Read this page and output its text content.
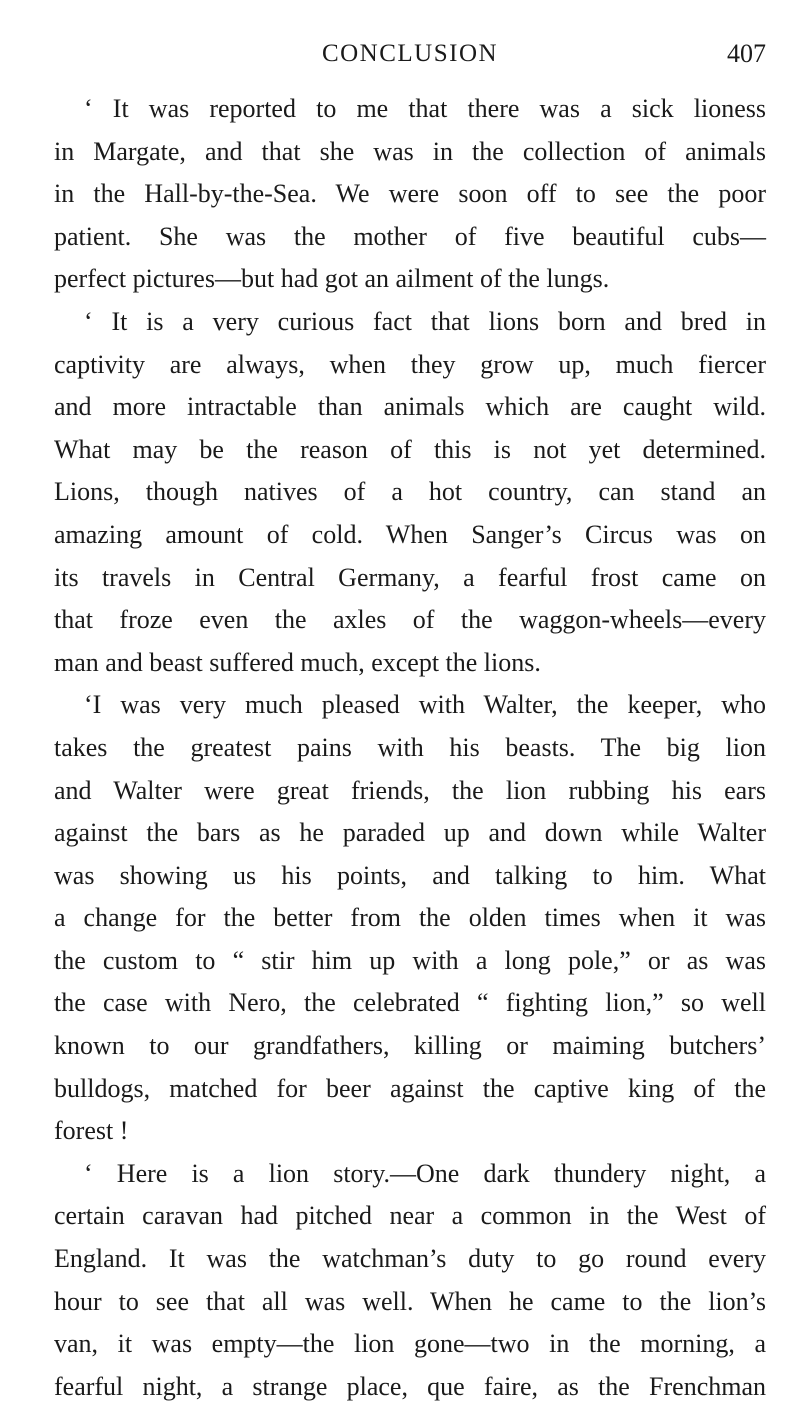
CONCLUSION	407
‘ It was reported to me that there was a sick lioness
in Margate, and that she was in the collection of animals
in the Hall-by-the-Sea. We were soon off to see the poor
patient. She was the mother of five beautiful cubs—
perfect pictures—but had got an ailment of the lungs.
‘ It is a very curious fact that lions born and bred in
captivity are always, when they grow up, much fiercer
and more intractable than animals which are caught wild.
What may be the reason of this is not yet determined.
Lions, though natives of a hot country, can stand an
amazing amount of cold. When Sanger’s Circus was on
its travels in Central Germany, a fearful frost came on
that froze even the axles of the waggon-wheels—every
man and beast suffered much, except the lions.
‘I was very much pleased with Walter, the keeper, who
takes the greatest pains with his beasts. The big lion
and Walter were great friends, the lion rubbing his ears
against the bars as he paraded up and down while Walter
was showing us his points, and talking to him. What
a change for the better from the olden times when it was
the custom to “ stir him up with a long pole,” or as was
the case with Nero, the celebrated “ fighting lion,” so well
known to our grandfathers, killing or maiming butchers’
bulldogs, matched for beer against the captive king of the
forest !
‘ Here is a lion story.—One dark thundery night, a
certain caravan had pitched near a common in the West of
England. It was the watchman’s duty to go round every
hour to see that all was well. When he came to the lion’s
van, it was empty—the lion gone—two in the morning, a
fearful night, a strange place, que faire, as the Frenchman
